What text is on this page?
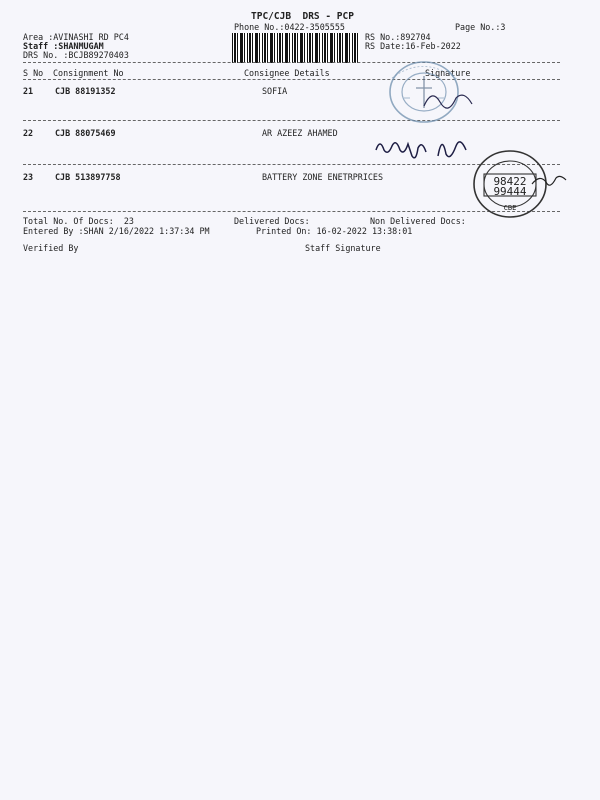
TPC/CJB  DRS - PCP
Phone No.:0422-3505555	Page No.:3
Area :AVINASHI RD PC4
Staff :SHANMUGAM
DRS No. :BCJB89270403
RS No.:892704
RS Date:16-Feb-2022
S No Consignment No	Consignee Details	Signature
21	CJB 88191352	SOFIA
22	CJB 88075469	AR AZEEZ AHAMED
23	CJB 513897758	BATTERY ZONE ENETRPRICES	98422
99444
CBE
Total No. Of Docs:  23	Delivered Docs:	Non Delivered Docs:
Entered By :SHAN 2/16/2022 1:37:34 PM	Printed On: 16-02-2022 13:38:01
Verified By	Staff Signature
